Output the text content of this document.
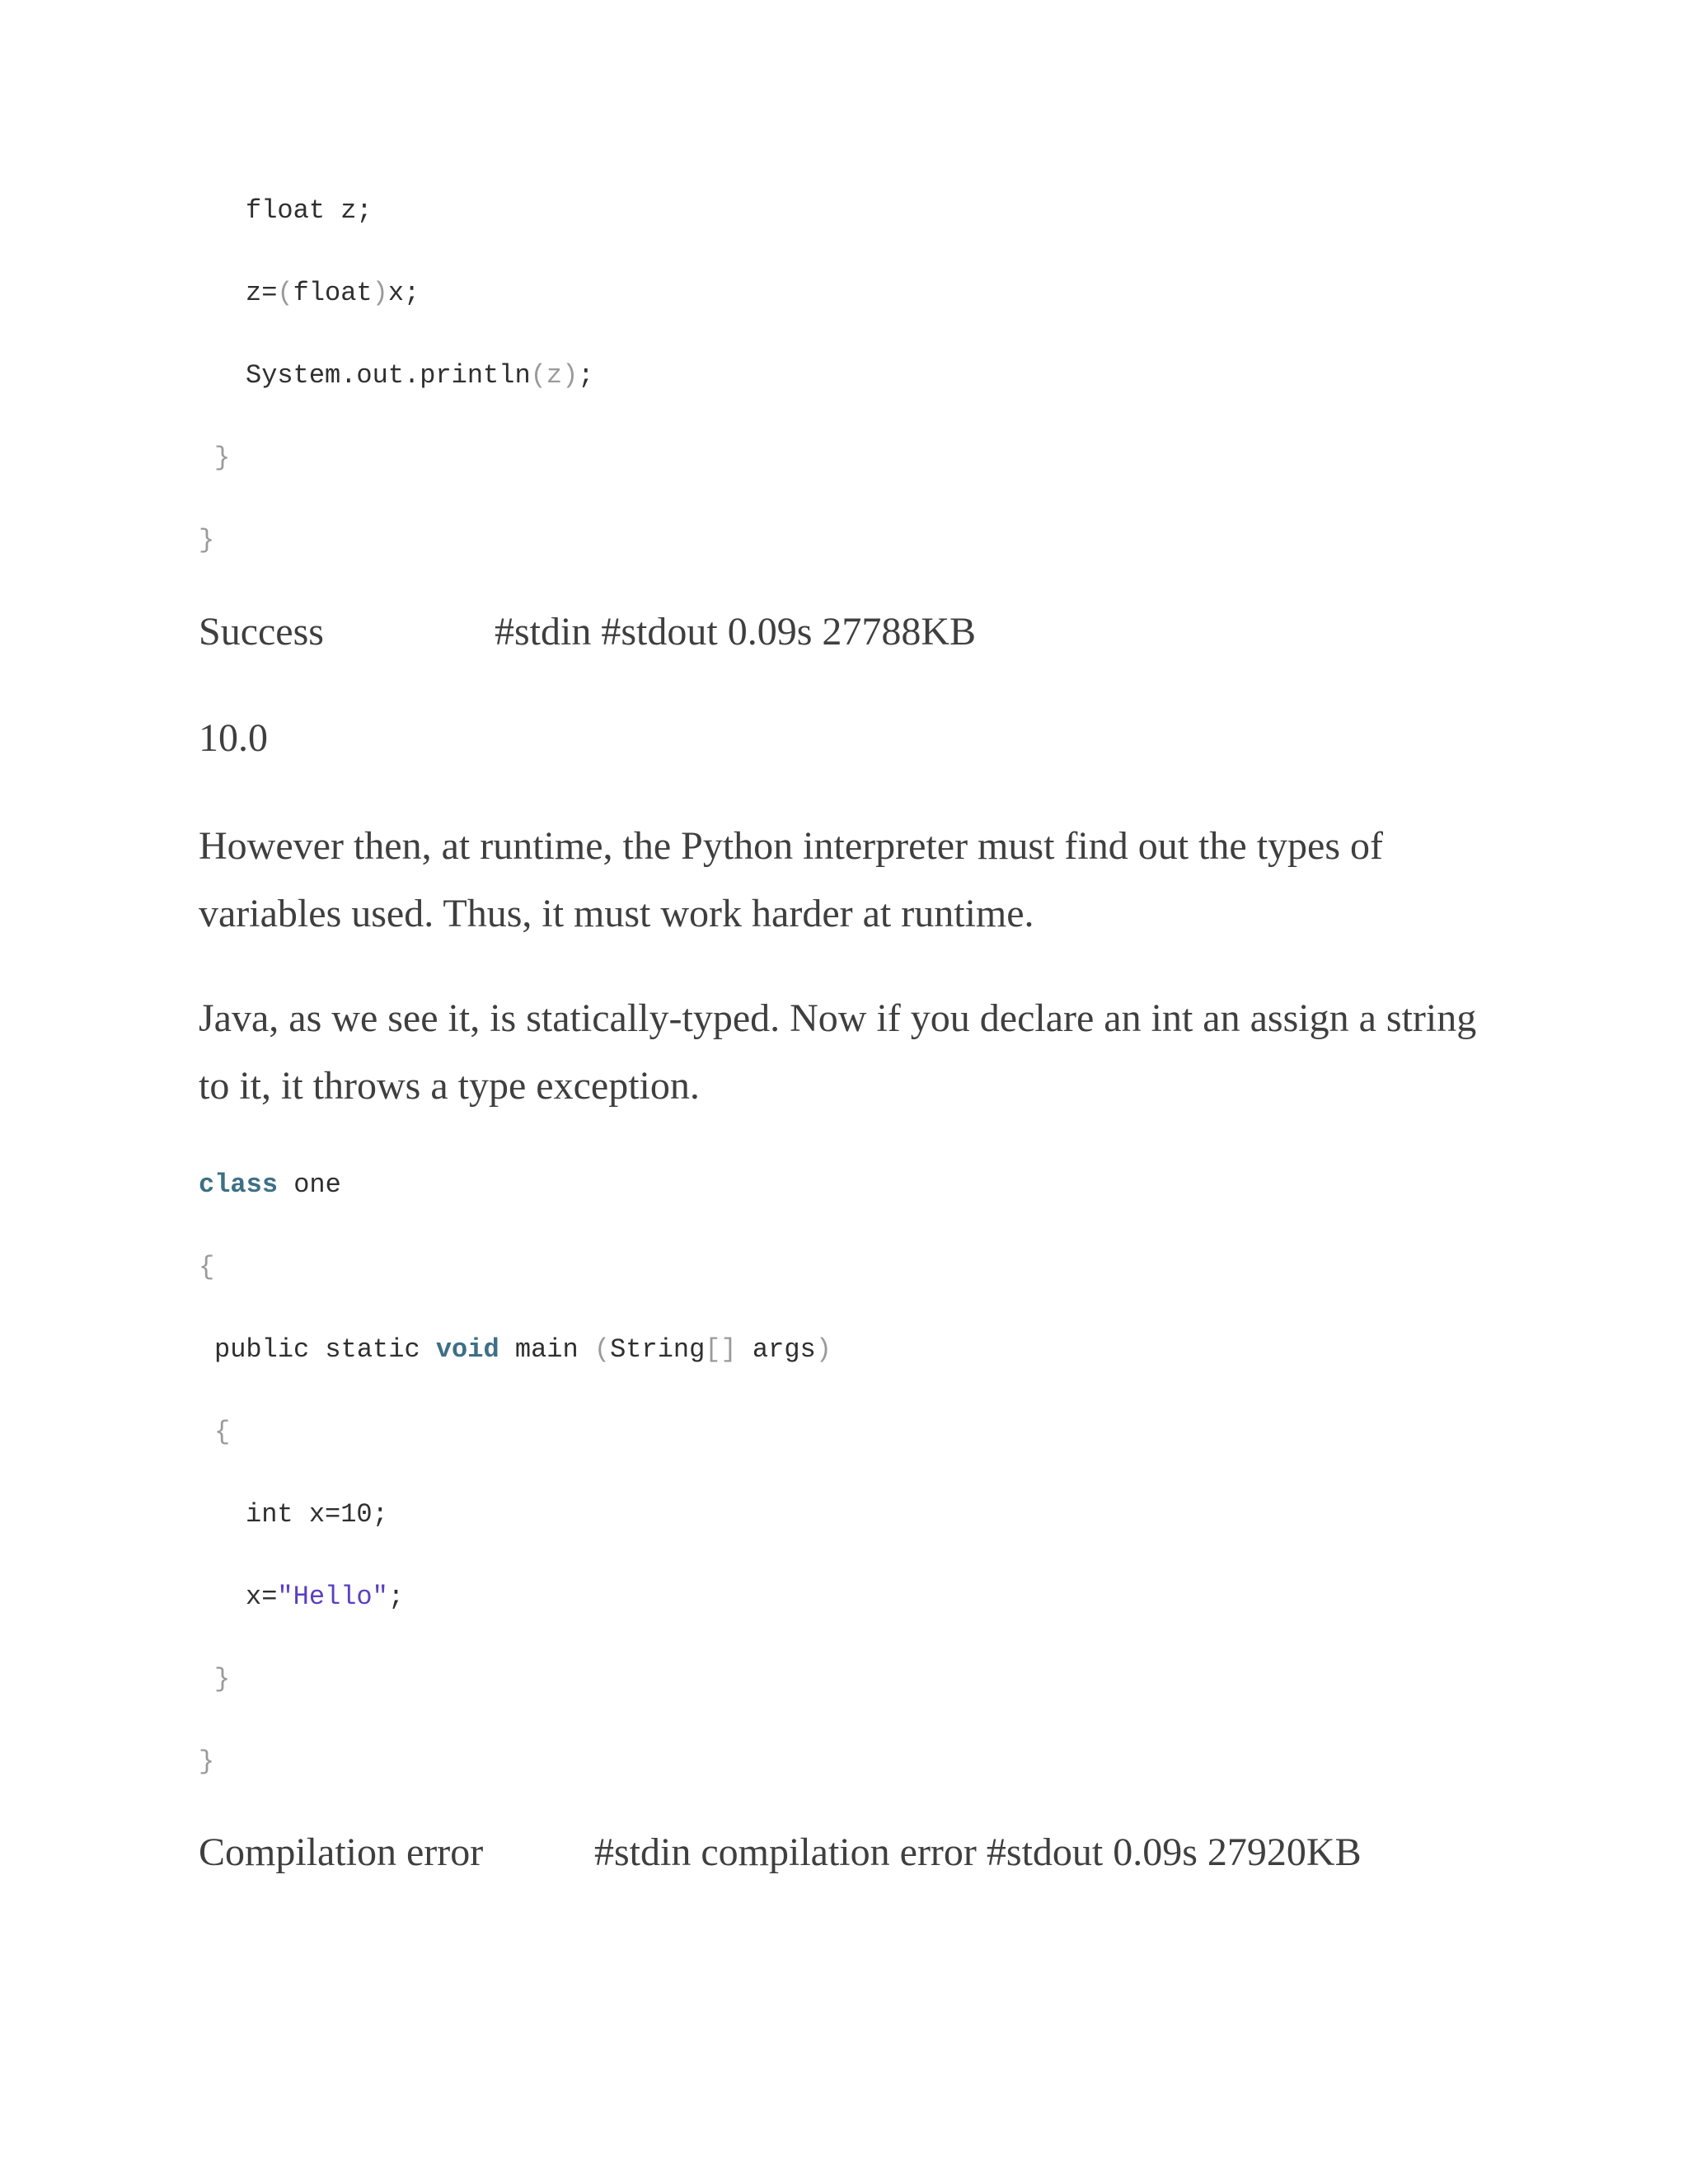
float z;
z=(float)x;
System.out.println(z);
}
}
Success	#stdin #stdout 0.09s 27788KB
10.0

However then, at runtime, the Python interpreter must find out the types of variables used. Thus, it must work harder at runtime.

Java, as we see it, is statically-typed. Now if you declare an int an assign a string to it, it throws a type exception.

class one
{
public static void main (String[] args)
{
int x=10;
x="Hello";
}
}
Compilation error	#stdin compilation error #stdout 0.09s 27920KB
